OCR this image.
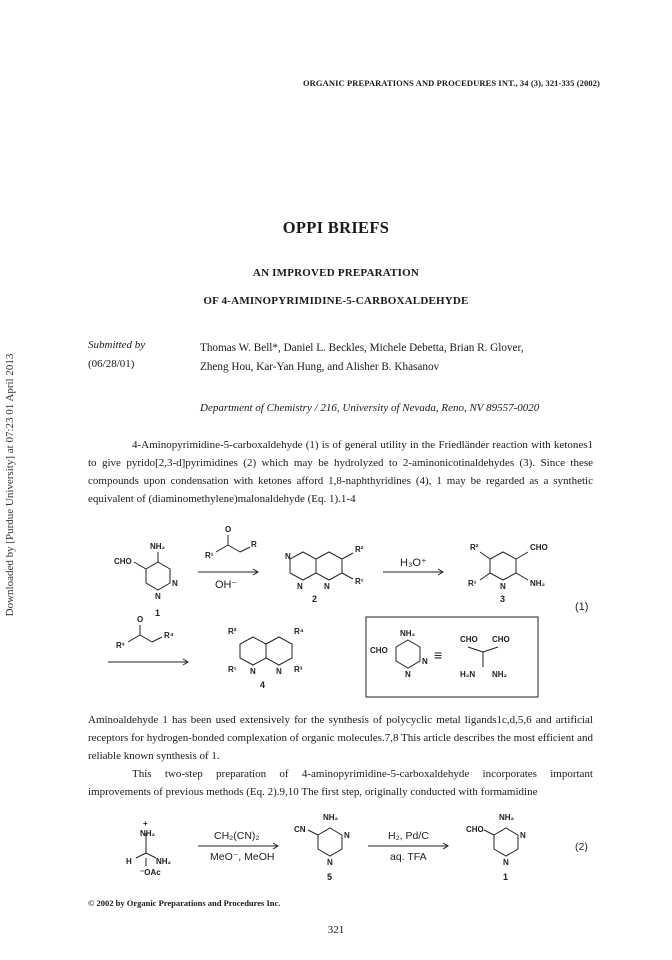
ORGANIC PREPARATIONS AND PROCEDURES INT., 34 (3), 321-335 (2002)
Downloaded by [Purdue University] at 07:23 01 April 2013
OPPI BRIEFS
AN IMPROVED PREPARATION
OF 4-AMINOPYRIMIDINE-5-CARBOXALDEHYDE
Submitted by
(06/28/01)
Thomas W. Bell*, Daniel L. Beckles, Michele Debetta, Brian R. Glover,
Zheng Hou, Kar-Yan Hung, and Alisher B. Khasanov
Department of Chemistry / 216, University of Nevada, Reno, NV 89557-0020

4-Aminopyrimidine-5-carboxaldehyde (1) is of general utility in the Friedländer reaction with ketones1 to give pyrido[2,3-d]pyrimidines (2) which may be hydrolyzed to 2-aminonicotinaldehydes (3). Since these compounds upon condensation with ketones afford 1,8-naphthyridines (4), 1 may be regarded as a synthetic equivalent of (diaminomethylene)malonaldehyde (Eq. 1).1-4

NH₂
CHO
N
N
O
R¹
R
N
N	N
R²
R¹
R²	CHO
R¹	N	NH₂
O
R³
R⁴	R²	R⁴
R¹ N	N R³
NH₂
CHO
N
N
CHO CHO
H₂N NH₂
≡
OH⁻
H₃O⁺
(1)
1
2	3
4

Aminoaldehyde 1 has been used extensively for the synthesis of polycyclic metal ligands1c,d,5,6 and artificial receptors for hydrogen-bonded complexation of organic molecules.7,8 This article describes the most efficient and reliable known synthesis of 1.

This two-step preparation of 4-aminopyrimidine-5-carboxaldehyde incorporates important improvements of previous methods (Eq. 2).9,10 The first step, originally conducted with formamidine

+
NH₂
H	NH₂
⁻OAc
NH₂
CN
N
N
NH₂
CHO
N
N
CH₂(CN)₂
MeO⁻, MeOH
H₂, Pd/C
aq. TFA
(2)
5	1
© 2002 by Organic Preparations and Procedures Inc.
321
